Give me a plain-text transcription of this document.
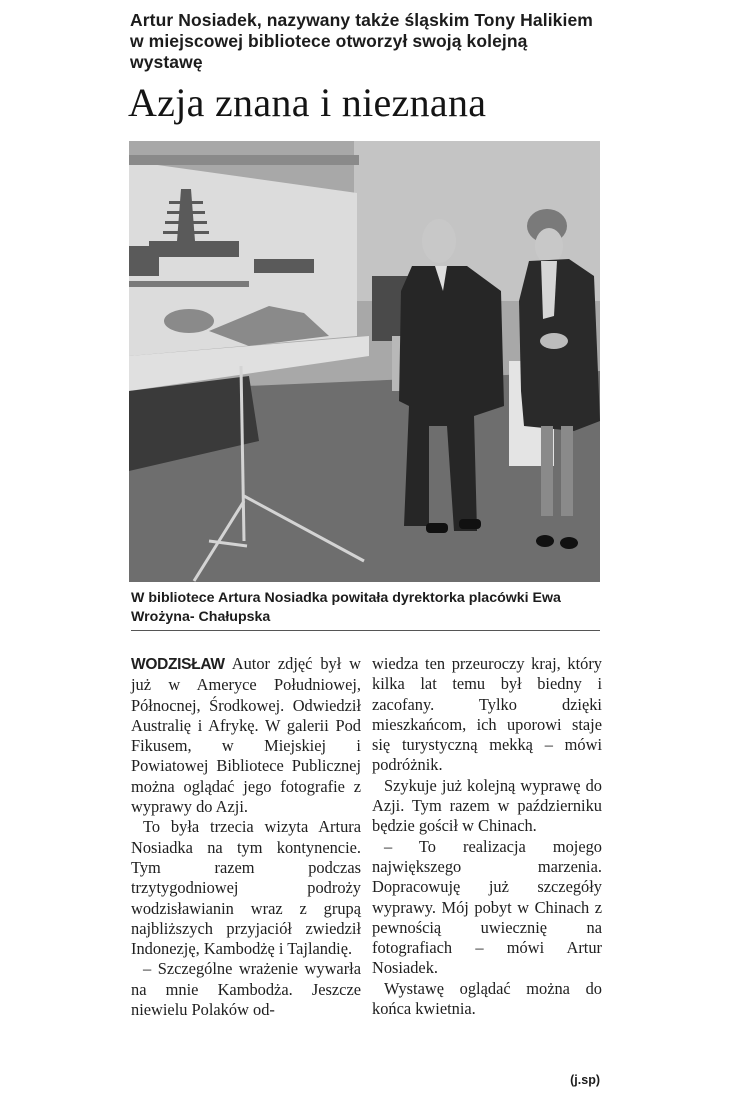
Artur Nosiadek, nazywany także śląskim Tony Halikiem w miejscowej bibliotece otworzył swoją kolejną wystawę
Azja znana i nieznana
W bibliotece Artura Nosiadka powitała dyrektorka placówki Ewa Wrożyna- Chałupska

WODZISŁAW Autor zdjęć był w już w Ameryce Południowej, Północnej, Środkowej. Odwiedził Australię i Afrykę. W galerii Pod Fikusem, w Miejskiej i Powiatowej Bibliotece Publicznej można oglądać jego fotografie z wyprawy do Azji.

To była trzecia wizyta Artura Nosiadka na tym kontynencie. Tym razem podczas trzytygodniowej podroży wodzisławianin wraz z grupą najbliższych przyjaciół zwiedził Indonezję, Kambodżę i Tajlandię.

– Szczególne wrażenie wywarła na mnie Kambodża. Jeszcze niewielu Polaków od-

wiedza ten przeuroczy kraj, który kilka lat temu był biedny i zacofany. Tylko dzięki mieszkańcom, ich uporowi staje się turystyczną mekką – mówi podróżnik.

Szykuje już kolejną wyprawę do Azji. Tym razem w październiku będzie gościł w Chinach.

– To realizacja mojego największego marzenia. Dopracowuję już szczegóły wyprawy. Mój pobyt w Chinach z pewnością uwiecznię na fotografiach – mówi Artur Nosiadek.

Wystawę oglądać można do końca kwietnia.

(j.sp)
